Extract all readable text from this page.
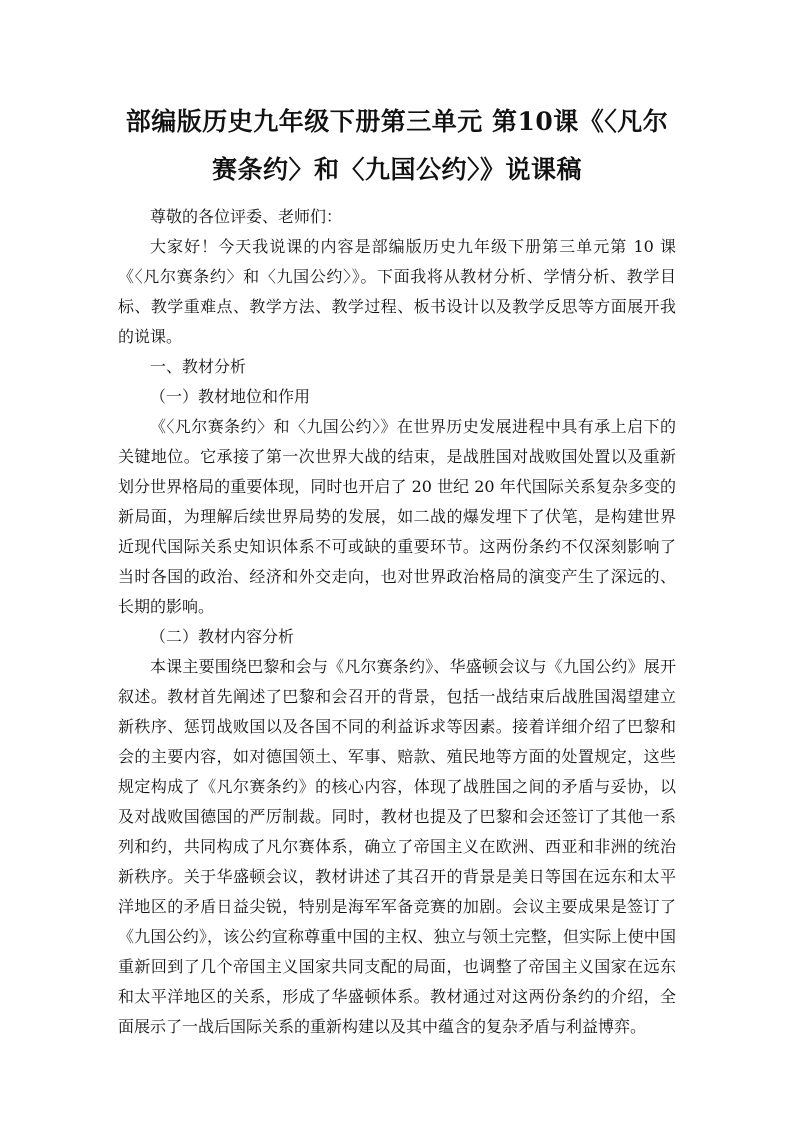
部编版历史九年级下册第三单元 第10课《〈凡尔赛条约〉和〈九国公约〉》说课稿

尊敬的各位评委、老师们：

大家好！今天我说课的内容是部编版历史九年级下册第三单元第 10 课《〈凡尔赛条约〉和〈九国公约〉》。下面我将从教材分析、学情分析、教学目标、教学重难点、教学方法、教学过程、板书设计以及教学反思等方面展开我的说课。

一、教材分析

（一）教材地位和作用

《〈凡尔赛条约〉和〈九国公约〉》在世界历史发展进程中具有承上启下的关键地位。它承接了第一次世界大战的结束，是战胜国对战败国处置以及重新划分世界格局的重要体现，同时也开启了 20 世纪 20 年代国际关系复杂多变的新局面，为理解后续世界局势的发展，如二战的爆发埋下了伏笔，是构建世界近现代国际关系史知识体系不可或缺的重要环节。这两份条约不仅深刻影响了当时各国的政治、经济和外交走向，也对世界政治格局的演变产生了深远的、长期的影响。

（二）教材内容分析

本课主要围绕巴黎和会与《凡尔赛条约》、华盛顿会议与《九国公约》展开叙述。教材首先阐述了巴黎和会召开的背景，包括一战结束后战胜国渴望建立新秩序、惩罚战败国以及各国不同的利益诉求等因素。接着详细介绍了巴黎和会的主要内容，如对德国领土、军事、赔款、殖民地等方面的处置规定，这些规定构成了《凡尔赛条约》的核心内容，体现了战胜国之间的矛盾与妥协，以及对战败国德国的严厉制裁。同时，教材也提及了巴黎和会还签订了其他一系列和约，共同构成了凡尔赛体系，确立了帝国主义在欧洲、西亚和非洲的统治新秩序。关于华盛顿会议，教材讲述了其召开的背景是美日等国在远东和太平洋地区的矛盾日益尖锐，特别是海军军备竞赛的加剧。会议主要成果是签订了《九国公约》，该公约宣称尊重中国的主权、独立与领土完整，但实际上使中国重新回到了几个帝国主义国家共同支配的局面，也调整了帝国主义国家在远东和太平洋地区的关系，形成了华盛顿体系。教材通过对这两份条约的介绍，全面展示了一战后国际关系的重新构建以及其中蕴含的复杂矛盾与利益博弈。
